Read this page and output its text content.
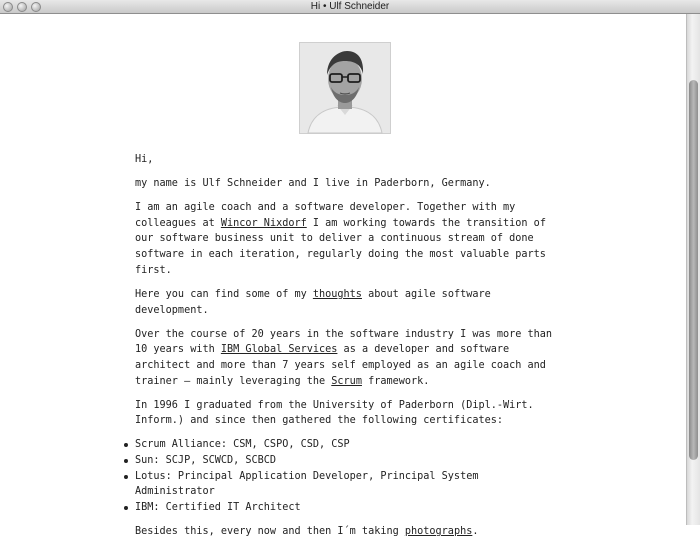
Hi • Ulf Schneider

Hi,

my name is Ulf Schneider and I live in Paderborn, Germany.

I am an agile coach and a software developer. Together with my colleagues at Wincor Nixdorf I am working towards the transition of our software business unit to deliver a continuous stream of done software in each iteration, regularly doing the most valuable parts first.

Here you can find some of my thoughts about agile software development.

Over the course of 20 years in the software industry I was more than 10 years with IBM Global Services as a developer and software architect and more than 7 years self employed as an agile coach and trainer – mainly leveraging the Scrum framework.

In 1996 I graduated from the University of Paderborn (Dipl.-Wirt. Inform.) and since then gathered the following certificates:

Scrum Alliance: CSM, CSPO, CSD, CSP
Sun: SCJP, SCWCD, SCBCD
Lotus: Principal Application Developer, Principal System Administrator
IBM: Certified IT Architect

Besides this, every now and then I´m taking photographs.
